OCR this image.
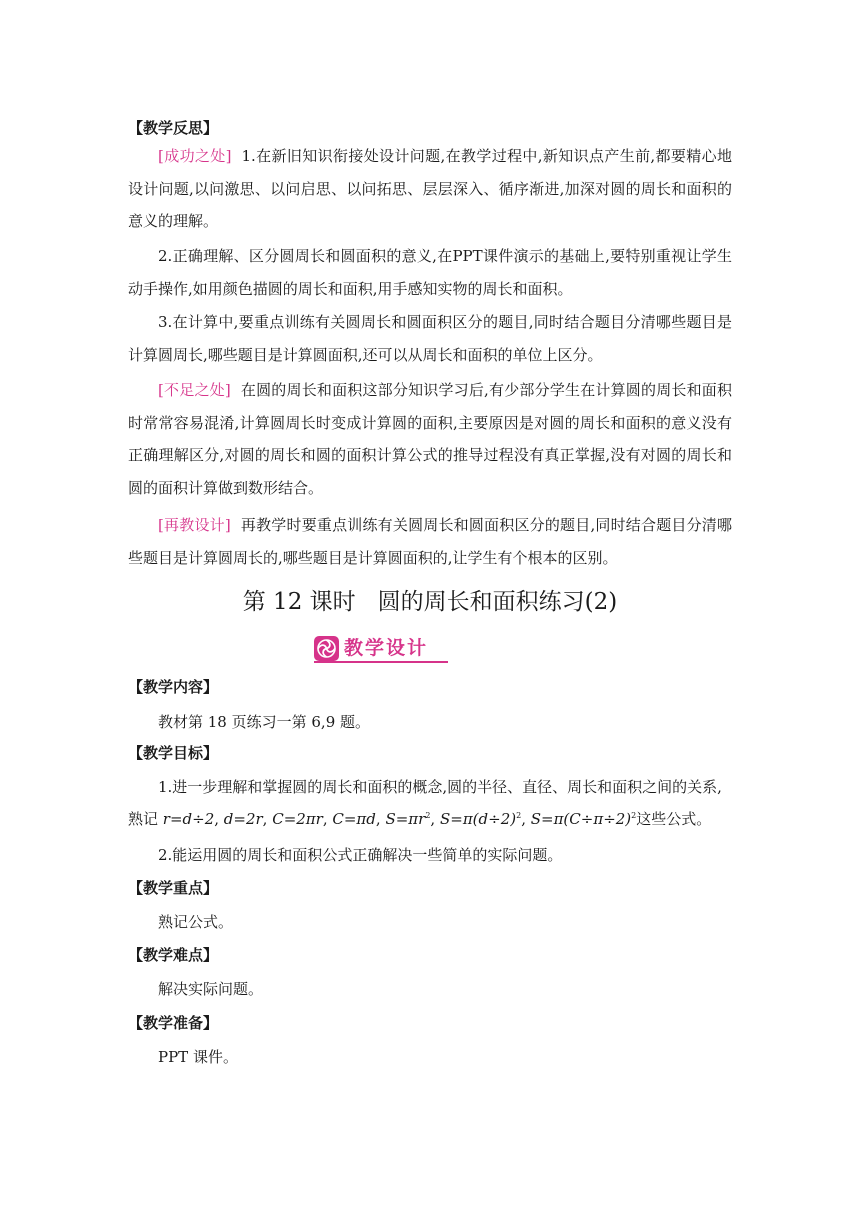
【教学反思】
[成功之处] 1.在新旧知识衔接处设计问题,在教学过程中,新知识点产生前,都要精心地设计问题,以问激思、以问启思、以问拓思、层层深入、循序渐进,加深对圆的周长和面积的意义的理解。
2.正确理解、区分圆周长和圆面积的意义,在PPT课件演示的基础上,要特别重视让学生动手操作,如用颜色描圆的周长和面积,用手感知实物的周长和面积。
3.在计算中,要重点训练有关圆周长和圆面积区分的题目,同时结合题目分清哪些题目是计算圆周长,哪些题目是计算圆面积,还可以从周长和面积的单位上区分。
[不足之处] 在圆的周长和面积这部分知识学习后,有少部分学生在计算圆的周长和面积时常常容易混淆,计算圆周长时变成计算圆的面积,主要原因是对圆的周长和面积的意义没有正确理解区分,对圆的周长和圆的面积计算公式的推导过程没有真正掌握,没有对圆的周长和圆的面积计算做到数形结合。
[再教设计] 再教学时要重点训练有关圆周长和圆面积区分的题目,同时结合题目分清哪些题目是计算圆周长的,哪些题目是计算圆面积的,让学生有个根本的区别。
第 12 课时 圆的周长和面积练习(2)
教学设计
【教学内容】
教材第 18 页练习一第 6,9 题。
【教学目标】
1.进一步理解和掌握圆的周长和面积的概念,圆的半径、直径、周长和面积之间的关系,
熟记 r=d÷2, d=2r, C=2πr, C=πd, $S=\pi r^2$, $S=\pi(d\div 2)^2$, $S=\pi(C\div\pi\div 2)^2$这些公式。
2.能运用圆的周长和面积公式正确解决一些简单的实际问题。
【教学重点】
熟记公式。
【教学难点】
解决实际问题。
【教学准备】
PPT 课件。
